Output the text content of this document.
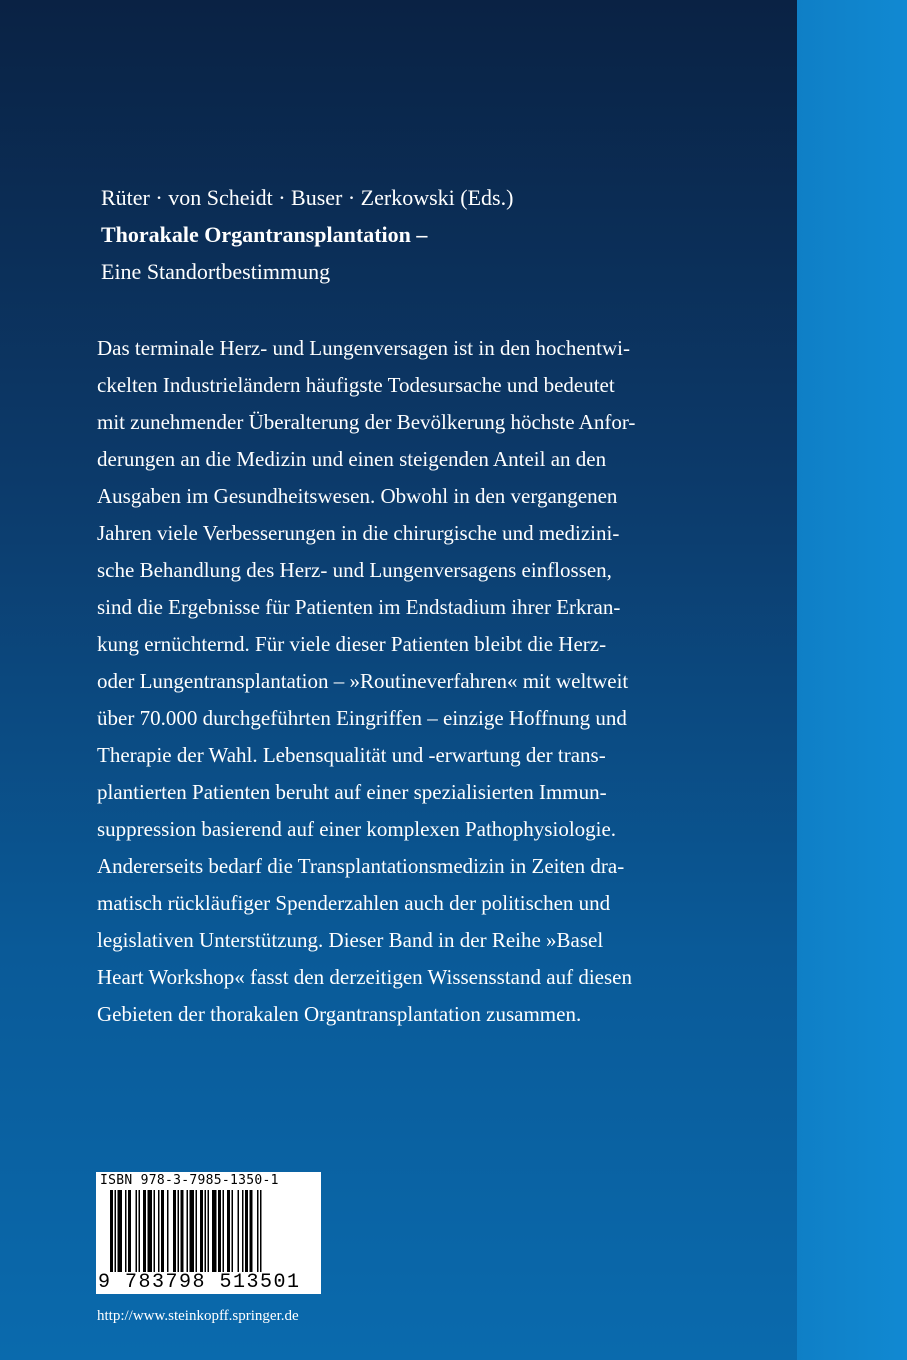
Rüter · von Scheidt · Buser · Zerkowski (Eds.)
Thorakale Organtransplantation –
Eine Standortbestimmung
Das terminale Herz- und Lungenversagen ist in den hochentwi-
ckelten Industrieländern häufigste Todesursache und bedeutet
mit zunehmender Überalterung der Bevölkerung höchste Anfor-
derungen an die Medizin und einen steigenden Anteil an den
Ausgaben im Gesundheitswesen. Obwohl in den vergangenen
Jahren viele Verbesserungen in die chirurgische und medizini-
sche Behandlung des Herz- und Lungenversagens einflossen,
sind die Ergebnisse für Patienten im Endstadium ihrer Erkran-
kung ernüchternd. Für viele dieser Patienten bleibt die Herz-
oder Lungentransplantation – »Routineverfahren« mit weltweit
über 70.000 durchgeführten Eingriffen – einzige Hoffnung und
Therapie der Wahl. Lebensqualität und -erwartung der trans-
plantierten Patienten beruht auf einer spezialisierten Immun-
suppression basierend auf einer komplexen Pathophysiologie.
Andererseits bedarf die Transplantationsmedizin in Zeiten dra-
matisch rückläufiger Spenderzahlen auch der politischen und
legislativen Unterstützung. Dieser Band in der Reihe »Basel
Heart Workshop« fasst den derzeitigen Wissensstand auf diesen
Gebieten der thorakalen Organtransplantation zusammen.
ISBN 978-3-7985-1350-1
9 783798 513501
http://www.steinkopff.springer.de
